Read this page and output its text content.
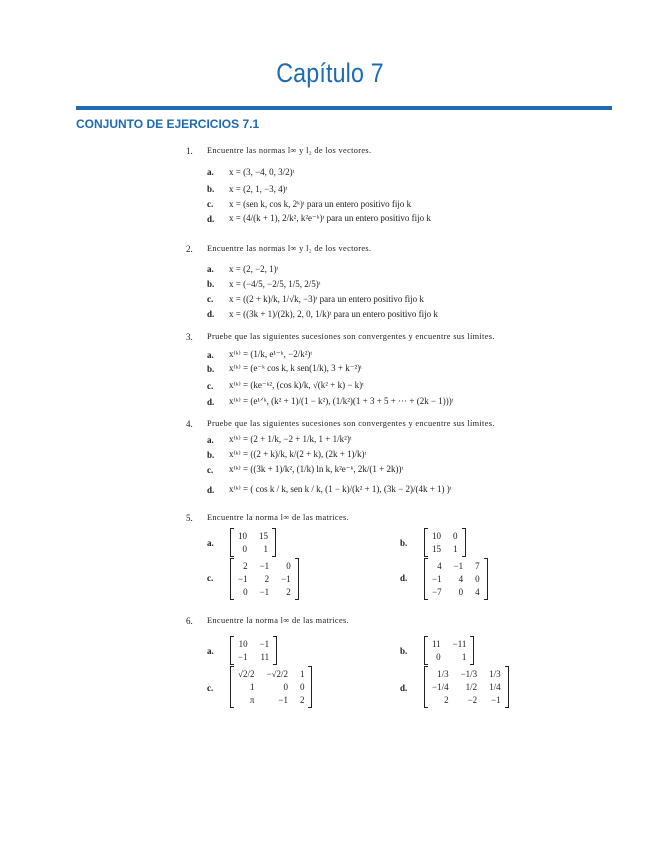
Capítulo 7
CONJUNTO DE EJERCICIOS 7.1
1. Encuentre las normas l∞ y l₂ de los vectores.
a.	x = (3, −4, 0, 3/2)ᵗ
b.	x = (2, 1, −3, 4)ᵗ
c.	x = (sen k, cos k, 2ᵏ)ᵗ para un entero positivo fijo k
d.	x = (4/(k + 1), 2/k², k²e⁻ᵏ)ᵗ para un entero positivo fijo k
2. Encuentre las normas l∞ y l₂ de los vectores.
a.	x = (2, −2, 1)ᵗ
b.	x = (−4/5, −2/5, 1/5, 2/5)ᵗ
c.	x = ((2 + k)/k, 1/√k, −3)ᵗ para un entero positivo fijo k
d.	x = ((3k + 1)/(2k), 2, 0, 1/k)ᵗ para un entero positivo fijo k
3. Pruebe que las siguientes sucesiones son convergentes y encuentre sus límites.
a.	x⁽ᵏ⁾ = (1/k, e¹⁻ᵏ, −2/k²)ᵗ
b.	x⁽ᵏ⁾ = (e⁻ᵏ cos k, k sen(1/k), 3 + k⁻²)ᵗ
c.	x⁽ᵏ⁾ = (ke⁻ᵏ², (cos k)/k, √(k² + k) − k)ᵗ
d.	x⁽ᵏ⁾ = (e¹ᐟᵏ, (k² + 1)/(1 − k²), (1/k²)(1 + 3 + 5 + ··· + (2k − 1)))ᵗ
4. Pruebe que las siguientes sucesiones son convergentes y encuentre sus límites.
a.	x⁽ᵏ⁾ = (2 + 1/k, −2 + 1/k, 1 + 1/k²)ᵗ
b.	x⁽ᵏ⁾ = ((2 + k)/k, k/(2 + k), (2k + 1)/k)ᵗ
c.	x⁽ᵏ⁾ = ((3k + 1)/k², (1/k) ln k, k²e⁻ᵏ, 2k/(1 + 2k))ᵗ
d.	x⁽ᵏ⁾ = ( cos k / k, sen k / k, (1 − k)/(k² + 1), (3k − 2)/(4k + 1) )ᵗ
5. Encuentre la norma l∞ de las matrices.
a.
10 15
0	1
b.
10 0
15 1
c.
2 −1	0
−1	2 −1
0 −1	2
d.
4 −1 7
−1	4 0
−7	0 4
6. Encuentre la norma l∞ de las matrices.
a.
10 −1
−1 11
b.
11 −11
0	1
c.
√2/2 −√2/2 1
1	0 0
π	−1 2
d.
1/3 −1/3 1/3
−1/4	1/2 1/4
2	−2 −1
